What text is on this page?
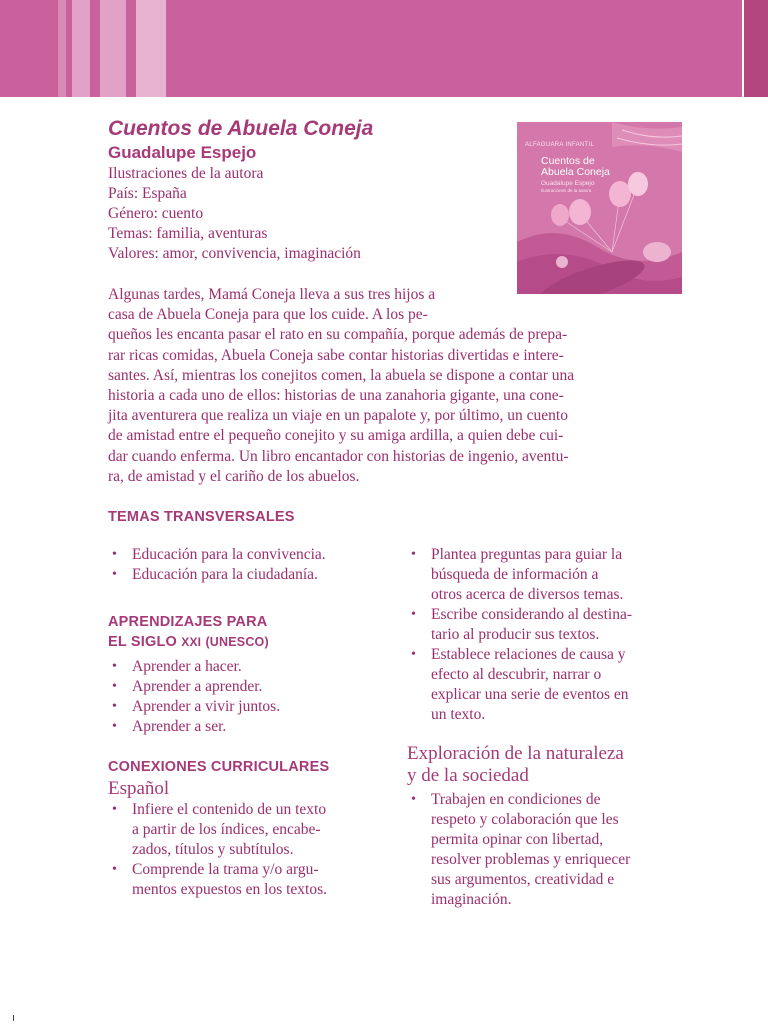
Cuentos de Abuela Coneja
Guadalupe Espejo
Ilustraciones de la autora
País: España
Género: cuento
Temas: familia, aventuras
Valores: amor, convivencia, imaginación
ALFAGUARA INFANTIL
Cuentos de
Abuela Coneja
Guadalupe Espejo
Ilustraciones de la autora
Algunas tardes, Mamá Coneja lleva a sus tres hijos a
casa de Abuela Coneja para que los cuide. A los pe-
queños les encanta pasar el rato en su compañía, porque además de prepa-
rar ricas comidas, Abuela Coneja sabe contar historias divertidas e intere-
santes. Así, mientras los conejitos comen, la abuela se dispone a contar una
historia a cada uno de ellos: historias de una zanahoria gigante, una cone-
jita aventurera que realiza un viaje en un papalote y, por último, un cuento
de amistad entre el pequeño conejito y su amiga ardilla, a quien debe cui-
dar cuando enferma. Un libro encantador con historias de ingenio, aventu-
ra, de amistad y el cariño de los abuelos.
TEMAS TRANSVERSALES
• Educación para la convivencia.
• Educación para la ciudadanía.
APRENDIZAJES PARA
EL SIGLO XXI (UNESCO)
• Aprender a hacer.
• Aprender a aprender.
• Aprender a vivir juntos.
• Aprender a ser.
CONEXIONES CURRICULARES
Español
• Infiere el contenido de un texto
a partir de los índices, encabe-
zados, títulos y subtítulos.
• Comprende la trama y/o argu-
mentos expuestos en los textos.
• Plantea preguntas para guiar la
búsqueda de información a
otros acerca de diversos temas.
• Escribe considerando al destina-
tario al producir sus textos.
• Establece relaciones de causa y
efecto al descubrir, narrar o
explicar una serie de eventos en
un texto.
Exploración de la naturaleza
y de la sociedad
• Trabajen en condiciones de
respeto y colaboración que les
permita opinar con libertad,
resolver problemas y enriquecer
sus argumentos, creatividad e
imaginación.
